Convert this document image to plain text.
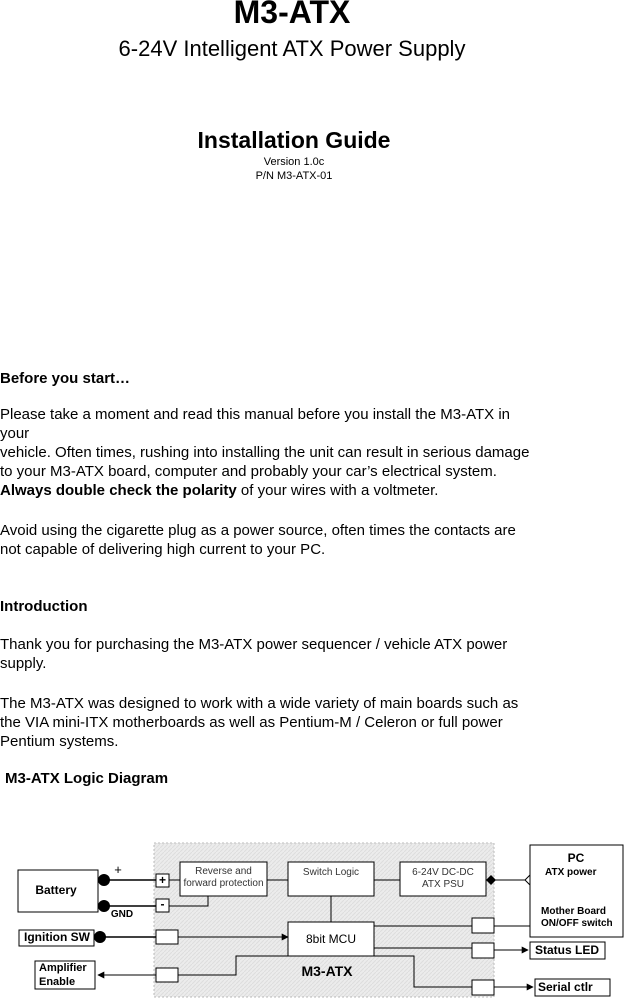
M3-ATX
6-24V Intelligent ATX Power Supply
Installation Guide
Version 1.0c
P/N M3-ATX-01
Before you start…
Please take a moment and read this manual before you install the M3-ATX in
your
vehicle. Often times, rushing into installing the unit can result in serious damage
to your M3-ATX board, computer and probably your car’s electrical system.
Always double check the polarity of your wires with a voltmeter.
Avoid using the cigarette plug as a power source, often times the contacts are
not capable of delivering high current to your PC.
Introduction
Thank you for purchasing the M3-ATX power sequencer / vehicle ATX power
supply.
The M3-ATX was designed to work with a wide variety of main boards such as
the VIA mini-ITX motherboards as well as Pentium-M / Celeron or full power
Pentium systems.
M3-ATX Logic Diagram
Battery
+
GND
+
-
Reverse and
forward protection
Switch Logic	6-24V DC-DC
ATX PSU
8bit MCU
M3-ATX
Ignition SW
Amplifier
Enable
PC
ATX power
Mother Board
ON/OFF switch
Status LED
Serial ctlr
